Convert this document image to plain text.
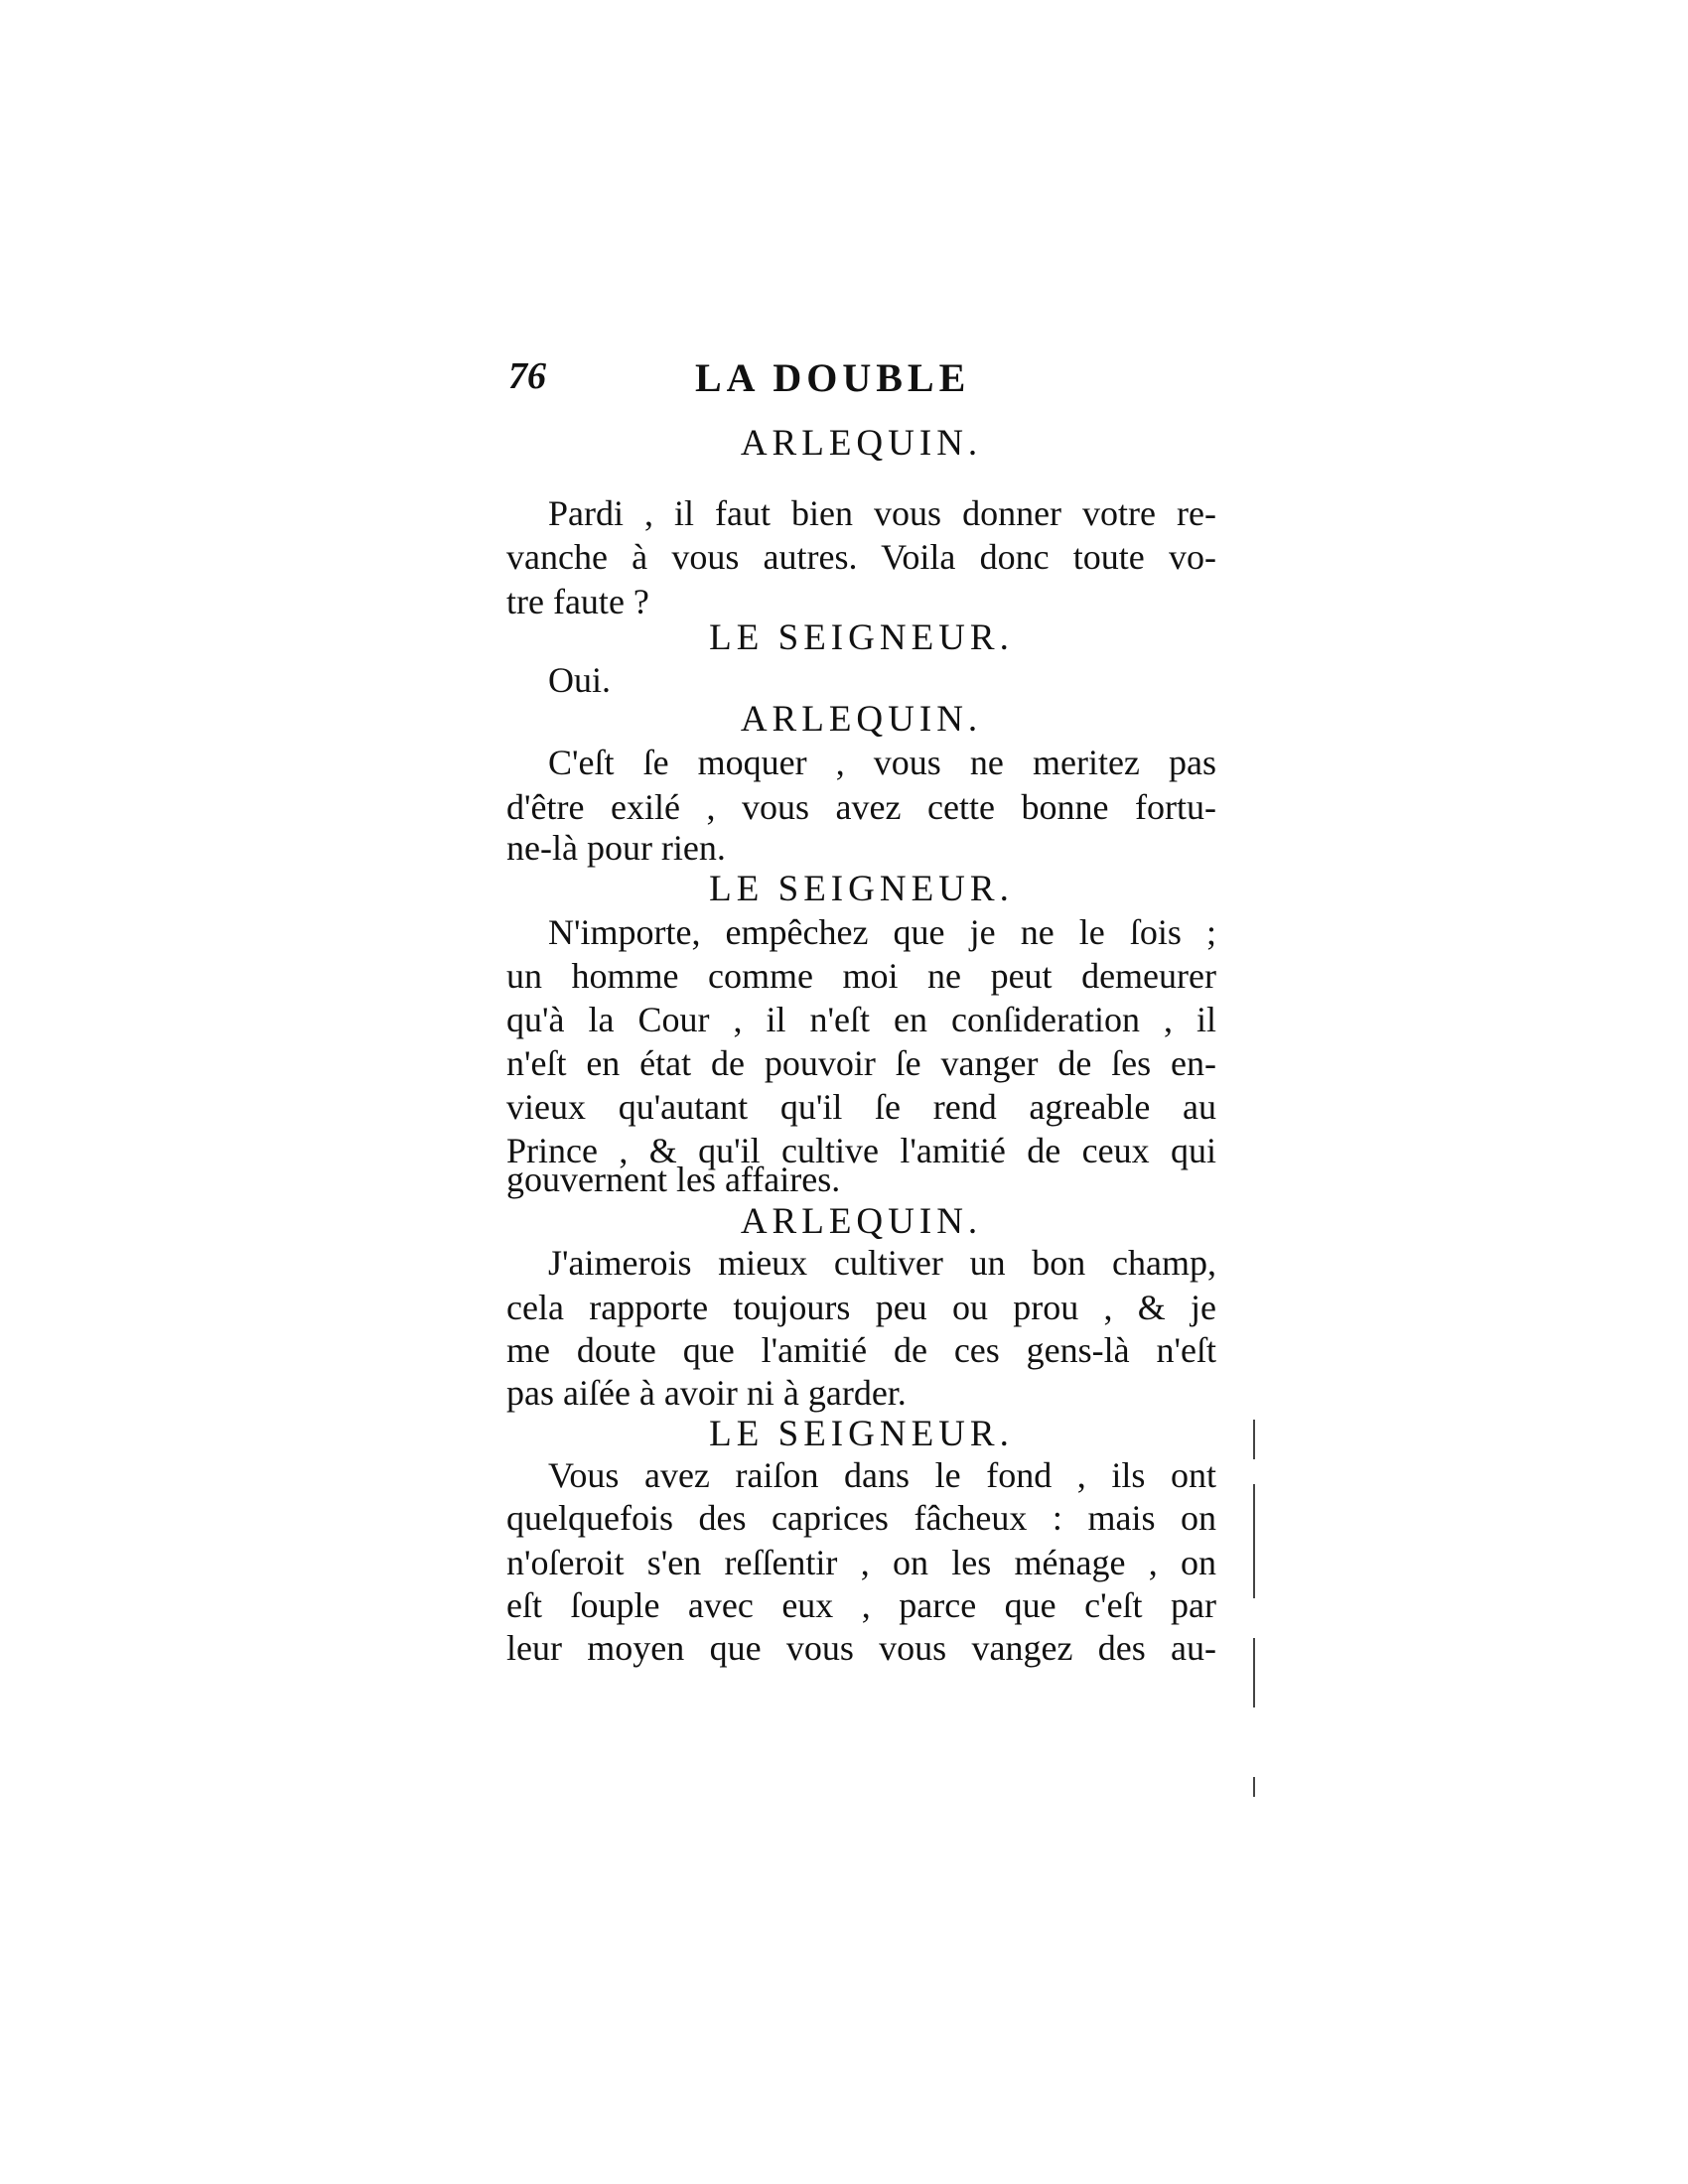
76	LA DOUBLE
ARLEQUIN.
Pardi , il faut bien vous donner votre re-
vanche à vous autres. Voila donc toute vo-
tre faute ?
LE SEIGNEUR.
Oui.
ARLEQUIN.
C'eſt ſe moquer , vous ne meritez pas
d'être exilé , vous avez cette bonne fortu-
ne-là pour rien.
LE SEIGNEUR.
N'importe, empêchez que je ne le ſois ;
un homme comme moi ne peut demeurer
qu'à la Cour , il n'eſt en conſideration , il
n'eſt en état de pouvoir ſe vanger de ſes en-
vieux qu'autant qu'il ſe rend agreable au
Prince , & qu'il cultive l'amitié de ceux qui
gouvernent les affaires.
ARLEQUIN.
J'aimerois mieux cultiver un bon champ,
cela rapporte toujours peu ou prou , & je
me doute que l'amitié de ces gens-là n'eſt
pas aiſée à avoir ni à garder.
LE SEIGNEUR.
Vous avez raiſon dans le fond , ils ont
quelquefois des caprices fâcheux : mais on
n'oſeroit s'en reſſentir , on les ménage , on
eſt ſouple avec eux , parce que c'eſt par
leur moyen que vous vous vangez des au-
